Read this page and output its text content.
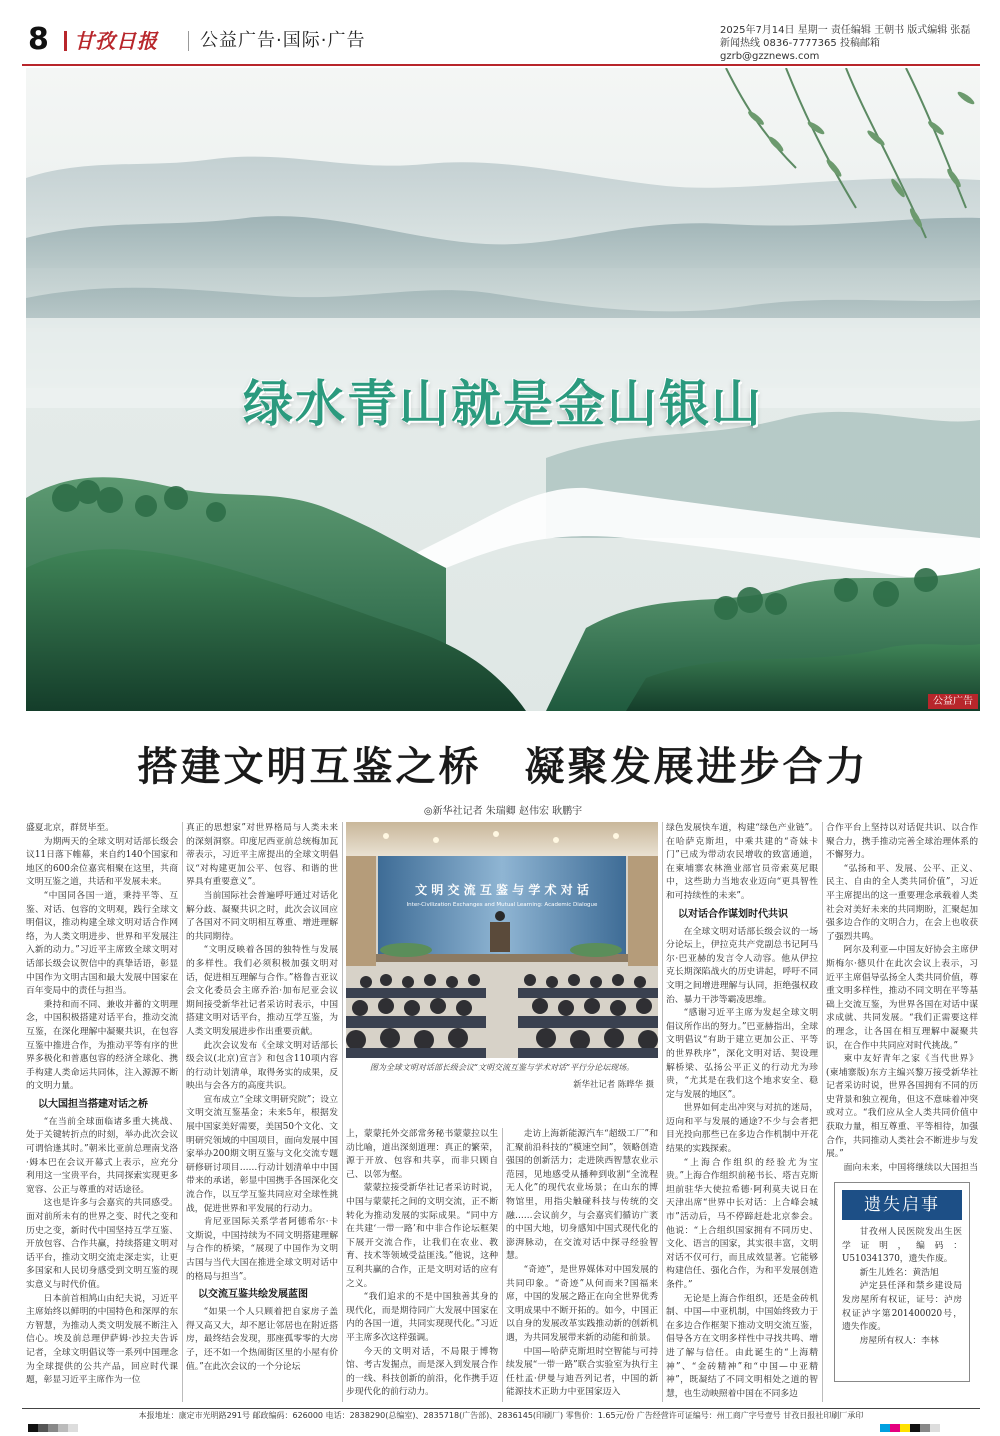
8 甘孜日报 公益广告·国际·广告	2025年7月14日 星期一 责任编辑 王朝书 版式编辑 张磊
新闻热线 0836-7777365 投稿邮箱 gzrb@gzznews.com
绿水青山就是金山银山
公益广告
搭建文明互鉴之桥　凝聚发展进步合力
◎新华社记者 朱瑞卿 赵伟宏 耿鹏宇

盛夏北京，群贤毕至。

为期两天的全球文明对话部长级会议11日落下帷幕，来自约140个国家和地区的600余位嘉宾相聚在这里，共商文明互鉴之道，共话和平发展未来。

“中国同各国一道，秉持平等、互鉴、对话、包容的文明观，践行全球文明倡议，推动构建全球文明对话合作网络，为人类文明进步、世界和平发展注入新的动力。”习近平主席致全球文明对话部长级会议贺信中的真挚话语，彰显中国作为文明古国和最大发展中国家在百年变局中的责任与担当。

秉持和而不同、兼收并蓄的文明理念，中国积极搭建对话平台，推动交流互鉴，在深化理解中凝聚共识，在包容互鉴中推进合作，为推动平等有序的世界多极化和普惠包容的经济全球化、携手构建人类命运共同体，注入源源不断的文明力量。

以大国担当搭建对话之桥

“在当前全球面临诸多重大挑战、处于关键转折点的时刻，举办此次会议可谓恰逢其时。”朝米比亚前总理南戈洛·姆本巴在会议开幕式上表示，应充分利用这一宝贵平台，共同探索实现更多宽容、公正与尊重的对话途径。

这也是许多与会嘉宾的共同感受。面对前所未有的世界之变、时代之变和历史之变，新时代中国坚持互学互鉴、开放包容、合作共赢，持续搭建文明对话平台，推动文明交流走深走实，让更多国家和人民切身感受到文明互鉴的现实意义与时代价值。

日本前首相鸠山由纪夫说，习近平主席始终以鲜明的中国特色和深厚的东方智慧，为推动人类文明发展不断注入信心。埃及前总理伊萨姆·沙拉夫告诉记者，全球文明倡议等一系列中国理念为全球提供的公共产品，回应时代课题，彰显习近平主席作为一位

真正的思想家”对世界格局与人类未来的深刻洞察。印度尼西亚前总统梅加瓦蒂表示，习近平主席提出的全球文明倡议“对构建更加公平、包容、和谐的世界具有重要意义”。

当前国际社会普遍呼吁通过对话化解分歧、凝聚共识之时，此次会议回应了各国对不同文明相互尊重、增进理解的共同期待。

“文明反映着各国的独特性与发展的多样性。我们必须积极加强文明对话，促进相互理解与合作。”格鲁吉亚议会文化委员会主席乔治·加布尼亚会议期间接受新华社记者采访时表示，中国搭建文明对话平台，推动互学互鉴，为人类文明发展进步作出重要贡献。

此次会议发布《全球文明对话部长级会议(北京)宣言》和包含110项内容的行动计划清单，取得务实的成果，反映出与会各方的高度共识。

宣布成立“全球文明研究院”；设立文明交流互鉴基金；未来5年，根据发展中国家美好需要，美国50个文化、文明研究领域的中国项目，面向发展中国家举办200期文明互鉴与文化交流专题研修研讨项目……行动计划清单中中国带来的承诺，彰显中国携手各国深化交流合作，以互学互鉴共同应对全球性挑战，促进世界和平发展的行动力。

肯尼亚国际关系学者阿德希尔·卡文斯说，中国持续为不同文明搭建理解与合作的桥梁，“展现了中国作为文明古国与当代大国在推进全球文明对话中的格局与担当”。

以交流互鉴共绘发展蓝图

“如果一个人只顾着把自家房子盖得又高又大，却不愿让邻居也在附近搭房，最终结会发现，那座孤零零的大房子，还不如一个热闹街区里的小屋有价值。”在此次会议的一个分论坛

文 明 交 流 互 鉴 与 学 术 对 话
Inter-Civilization Exchanges and Mutual Learning: Academic Dialogue
图为全球文明对话部长级会议“文明交流互鉴与学术对话”平行分论坛现场。
新华社记者 陈晔华 摄

上，蒙蒙托外交部常务秘书蒙蒙拉以生动比喻，道出深刻道理：真正的繁荣，源于开放、包容和共享，而非只顾自己、以邻为壑。

蒙蒙拉接受新华社记者采访时说，中国与蒙蒙托之间的文明交流，正不断转化为推动发展的实际成果。“同中方在共建‘一带一路’和中非合作论坛框架下展开交流合作，让我们在农业、教育、技术等领域受益匪浅。”他说，这种互利共赢的合作，正是文明对话的应有之义。

“我们追求的不是中国独善其身的现代化，而是期待同广大发展中国家在内的各国一道，共同实现现代化。”习近平主席多次这样强调。

今天的文明对话，不局限于博物馆、考古发掘点，而是深入到发展合作的一线、科技创新的前沿，化作携手迈步现代化的前行动力。

走访上海新能源汽车“超级工厂”和汇聚前沿科技的“模速空间”，领略创造强国的创新活力；走进陕西智慧农业示范园，见地感受从播种到收割“全流程无人化”的现代农业场景；在山东的博物馆里，用指尖触碰科技与传统的交融……会议前夕，与会嘉宾们循访广袤的中国大地，切身感知中国式现代化的澎湃脉动，在交流对话中探寻经验智慧。

“奇迹”，是世界媒体对中国发展的共同印象。“奇迹”从何而来?国福来席，中国的发展之路正在向全世界优秀文明成果中不断开拓的。如今，中国正以自身的发展改革实践推动新的创新机遇，为共同发展带来新的动能和前景。

中国—哈萨克斯坦时空智能与可持续发展“一带一路”联合实验室为执行主任杜孟·伊曼与迪吾列记者，中国的新能源技术正助力中亚国家迈入

绿色发展快车道，构建“绿色产业链”。在哈萨克斯坦，中乘共建的“奇妹卡门”已成为带动农民增收的致富通道，在柬埔寨农林渔业部官员帝索莫尼眼中，这些助力当地农业迈向“更具智性和可持续性的未来”。

以对话合作谋划时代共识

在全球文明对话部长级会议的一场分论坛上，伊拉克共产党副总书记阿马尔·巴亚赫的发言令人动容。他从伊拉克长期深陷战火的历史讲起，呼吁不同文明之间增进理解与认同，拒绝强权政治、暴力干涉等霸凌思维。

“感谢习近平主席为发起全球文明倡议所作出的努力。”巴亚赫指出，全球文明倡议“有助于建立更加公正、平等的世界秩序”，深化文明对话、契设理解桥梁、弘扬公平正义的行动尤为珍贵，“尤其是在我们这个地求安全、稳定与发展的地区”。

世界如何走出冲突与对抗的迷局，迈向和平与发展的通途?不少与会者把目光投向那些已在多边合作机制中开花结果的实践探索。

“上海合作组织的经验尤为宝贵。”上海合作组织前秘书长、塔吉克斯坦前驻华大使拉希德·阿利莫夫说日在天津出席“世界中长对话：上合峰会城市”活动后，马不停蹄赶赴北京参会。他说：“上合组织国家拥有不同历史、文化、语言的国家，其实很丰富，文明对话不仅可行，而且成效显著。它能够构建信任、强化合作，为和平发展创造条件。”

无论是上海合作组织，还是金砖机制、中国—中亚机制，中国始终致力于在多边合作框架下推动文明交流互鉴，倡导各方在文明多样性中寻找共鸣、增进了解与信任。由此诞生的“上海精神”、“金砖精神”和“中国—中亚精神”，既凝结了不同文明相处之道的智慧，也生动映照着中国在不同多边

合作平台上坚持以对话促共识、以合作聚合力，携手推动完善全球治理体系的不懈努力。

“弘扬和平、发展、公平、正义、民主、自由的全人类共同价值”，习近平主席提出的这一重要理念承载着人类社会对美好未来的共同期盼，汇聚起加强多边合作的文明合力，在会上也收获了强烈共鸣。

阿尔及利亚—中国友好协会主席伊斯梅尔·德贝什在此次会议上表示，习近平主席倡导弘扬全人类共同价值，尊重文明多样性，推动不同文明在平等基础上交流互鉴，为世界各国在对话中谋求成就、共同发展。“我们正需要这样的理念，让各国在相互理解中凝聚共识，在合作中共同应对时代挑战。”

柬中友好青年之家《当代世界》(柬埔寨版)东方主编兴黎万接受新华社记者采访时说，世界各国拥有不同的历史背景和独立视角，但这不意味着冲突或对立。“我们应从全人类共同价值中获取力量，相互尊重、平等相待，加强合作，共同推动人类社会不断进步与发展。”

面向未来，中国将继续以大国担当

遗失启事

甘孜州人民医院发出生医学证明，编码：U510341370，遗失作废。

新生儿姓名：黄浩旭

泸定县任泽和禁乡建设局发房屋所有权证，证号：泸房权证泸字第201400020号，遗失作废。

房屋所有权人：李林

本报地址：康定市光明路291号 邮政编码：626000 电话：2838290(总编室)、2835718(广告部)、2836145(印刷厂) 零售价：1.65元/份 广告经营许可证编号：州工商广字号壹号 甘孜日报社印刷厂承印
